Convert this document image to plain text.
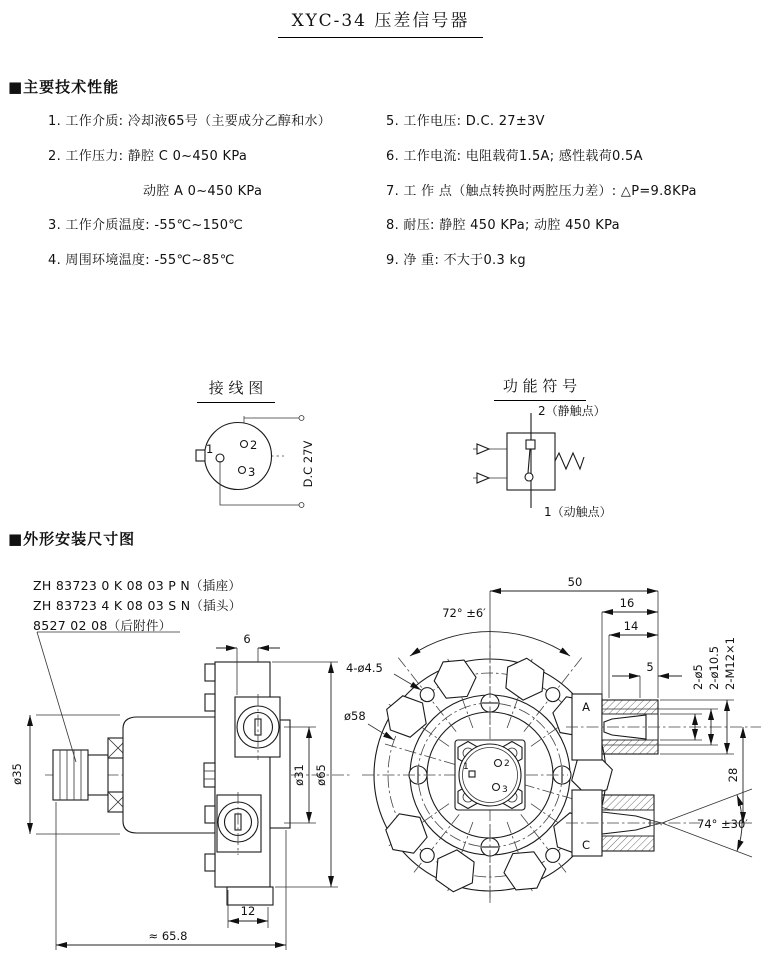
XYC-34 压差信号器
■主要技术性能
1. 工作介质: 冷却液65号（主要成分乙醇和水）
2. 工作压力: 静腔 C 0~450 KPa
动腔 A 0~450 KPa
3. 工作介质温度: -55℃~150℃
4. 周围环境温度: -55℃~85℃
5. 工作电压: D.C. 27±3V
6. 工作电流: 电阻载荷1.5A; 感性载荷0.5A
7. 工 作 点（触点转换时两腔压力差）: △P=9.8KPa
8. 耐压: 静腔 450 KPa; 动腔 450 KPa
9. 净 重: 不大于0.3 kg
1	2
3	D.C 27V
接 线 图	功 能 符 号
2（静触点）
1（动触点）
■外形安装尺寸图
6
ø35	ø31 ø65
12
≈ 65.8
1	2
3
A
C
74° ±30′
28
50
16
14
5	2-ø5 2-ø10.5 2-M12×1
72° ±6′
4-ø4.5
ø58
ZH 83723 0 K 08 03 P N（插座）
ZH 83723 4 K 08 03 S N（插头）
8527 02 08（后附件）
